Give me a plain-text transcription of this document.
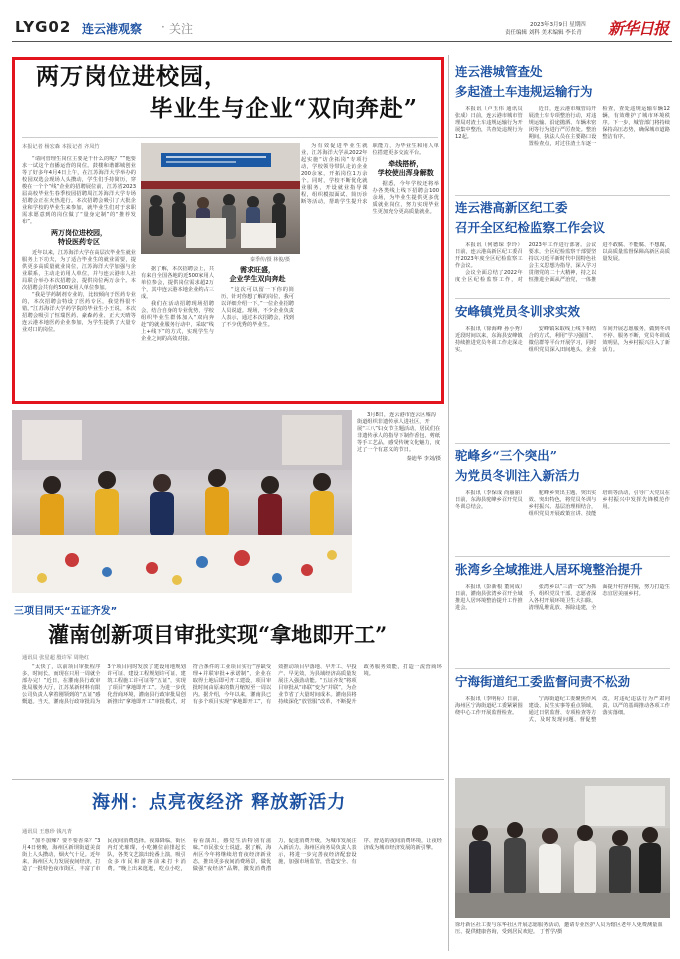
LYG02 连云港观察 · 关注	2023年3月9日 星期四
责任编辑 刘科 美术编辑 李长青 新华日报
两万岗位进校园，
毕业生与企业“双向奔赴”
本报记者 杨宏森 本报记者 齐凤竹

“请问管理生岗位主要是干什么的呢？””他要求一试这个直播运营的岗位。鼓楼和谐都城创业等了好多年4月4日上午，在江苏海洋大学举办的校园双选会现场人头攒动，学生们手持简历，穿梭在一个个“线”企业的招聘展位前，江苏省2023届高校毕业生春季校园招聘周江苏海洋大学专场招聘会正在火热进行。本次招聘会吸引了大批企业和学校的毕业生来参加，就毕业生们对于求职需求愿意到的岗位做了“量身定制”的“推荐发布”。

两万岗位进校园，
特设医药专区

近年以来，江苏海洋大学在高层次毕业生就业服务上下功夫，为了适合毕业生的就业需要，提供更多高质量就业岗位，江苏海洋大学加强与企业联系，主动走访用人单位，并与连云港市人社局联合举办本次招聘会，提供岗位两万余个。本次招聘会共有约500家用人单位参加。

“我是学药制剂专业的，比较倾向于医药专业的，本次招聘会特设了医药专区，我觉得很不错。”江苏海洋大学药学院的毕业生小王说，本次招聘会吸引了恒瑞医药、豪森药业、正大天晴等连云港本地医药企业参加，为学生提供了大量专业对口的岗位。

秦季传/摄 林俊/摄

据了解，本次招聘会上，共有来自全国各地的近500家用人单位参会，提供岗位需求超2万个，其中连云港本地企业约占三成。

我们在活动招聘现场招聘会，结合自身的专业优势，学校组织毕业生群体加入“双向奔赴”的就业服务行动中，采取“线上+线下”的方式，实现学生与企业之间的高效对接。

需求旺盛，
企业学生双向奔赴

“这次可以留一下你的简历，针对你想了解的岗位，我可以详细介绍一下。”一位企业招聘人员说道。现场，不少企业负责人表示，通过本次招聘会，找到了不少优秀的毕业生。

为有效促进毕业生就业，江苏海洋大学从2022年起实施“访企拓岗”专项行动，学校领导带队走访企业200余家，开拓岗位1万余个。同时，学校不断优化就业服务，开设就业指导课程，组织模拟面试、简历诊断等活动，帮助学生提升求职能力，为毕业生和用人单位搭建更多交流平台。

牵线搭桥，
学校使出浑身解数

据悉，今年学校还将举办各类线上线下招聘会100余场，为毕业生提供更多优质就业岗位，努力实现毕业生更加充分更高质量就业。

3月8日，连云港市连云区墟沟街道组织非遗传承人进社区，开展“三八”妇女节主题活动，居民们在非遗传承人的指导下制作香包、剪纸等手工艺品，感受传统文化魅力，度过了一个有意义的节日。
秦迪华 李刘/摄
三项目同天“五证齐发”
灌南创新项目审批实现“拿地即开工”
通讯员 张星超 殷许军 周艳红

“太快了，以前项目审批程序多，时间长，而现在只用一周就全部办完！”近日，在灌南县行政审批局服务大厅，江苏某新材料有限公司负责人拿着刚领到的“五证”感慨道。当天，灌南县行政审批局为3个项目同时发放了建设用地规划许可证、建设工程规划许可证、建筑工程施工许可证等“五证”，实现了项目“拿地即开工”。为进一步优化营商环境，灌南县行政审批局创新推出“拿地即开工”审批模式，对符合条件的工业项目实行“容缺受理+并联审批+承诺制”，企业在取得土地后即可开工建设，项目审批时间由原来的数月缩短至一周以内。据介绍，今年以来，灌南县已有多个项目实现“拿地即开工”，有效推动项目早落地、早开工、早投产、早见效，为县域经济高质量发展注入强劲动能。“五证齐发”将项目审批从“串联”变为“并联”，为企业节省了大量时间成本。灌南县将持续深化“放管服”改革，不断提升政务服务效能，打造一流营商环境。

海州：点亮夜经济 释放新活力
通讯员 王惠珍 钱凡青

“加不加辣？要不要香菜？”3月4日傍晚，海州区新坝街道美食街上人头攒动，烟火气十足。近年来，海州区大力发展夜间经济，打造了一批特色夜市街区，丰富了市民夜间消费选择。夜幕降临，街区内灯光璀璨，小吃摊位前排起长队，各类文艺演出轮番上演，吸引众多市民和游客前来打卡消费。“晚上出来逛逛，吃点小吃，看看演出，感觉生活特别有滋味。”市民张女士说道。据了解，海州区今年将继续培育夜经济新业态，推出更多夜间消费场景，做优做强“夜经济”品牌，激发消费潜力，促进消费升级，为城市发展注入新活力。海州区商务局负责人表示，将进一步完善夜经济配套设施，加强市场监管，营造安全、有序、舒适的夜间消费环境，让夜经济成为城市经济发展的新引擎。

连云港城管查处
多起渣土车违规运输行为

本报讯（卢玉伟 通讯员 张成）日前，连云港市城市管理局对渣土车违规运输行为开展集中整治，共查处违规行为12起。

近日，连云港市城管局开展渣土车专项整治行动，对违规运输、沿途抛洒、车辆未密闭等行为进行严厉查处。整治期间，执法人员在主要路口设置检查点，对过往渣土车逐一检查，查处违规运输车辆12辆，有效维护了城市环境秩序。下一步，城管部门将持续保持高压态势，确保城市道路整洁有序。

连云港高新区纪工委
召开全区纪检监察工作会议

本报讯（何德琛 李玲）日前，连云港高新区纪工委召开2023年度全区纪检监察工作会议。

会议全面总结了2022年度全区纪检监察工作，对2023年工作进行部署。会议要求，全区纪检监察干部要坚持以习近平新时代中国特色社会主义思想为指导，深入学习贯彻党的二十大精神，持之以恒推进全面从严治党，一体推进不敢腐、不能腐、不想腐，以高质量监督保障高新区高质量发展。

安峰镇党员冬训求实效

本报讯（徐海峰 孙小秀）近段时间以来，东海县安峰镇持续推进党员冬训工作走深走实。

安峰镇采取线上线下相结合的方式，利用“学习强国”、微信群等平台开展学习，同时组织党员深入田间地头、企业车间开展志愿服务，做到冬训不停、服务不断，党员冬训成效明显，为乡村振兴注入了新活力。

驼峰乡“三个突出”
为党员冬训注入新活力

本报讯（李保成 尚丽丽）日前，东海县驼峰乡召开党员冬训总结会。

驼峰乡突出主题、突出实效、突出特色，将党员冬训与乡村振兴、基层治理相结合，组织党员开展政策宣讲、技能培训等活动，引导广大党员在乡村振兴中发挥先锋模范作用。

张湾乡全域推进人居环境整治提升

本报讯（彭新根 董同成）日前，灌南县张湾乡召开全域推进人居环境整治提升工作推进会。

张湾乡以“三清一改”为抓手，组织党员干部、志愿者深入各村开展环境卫生大扫除，清理乱堆乱放、拆除违建，全面提升村容村貌，努力打造生态宜居美丽乡村。

宁海街道纪工委监督问责不松劲

本报讯（李明标）日前，海州区宁海街道纪工委紧紧围绕中心工作开展监督检查。

宁海街道纪工委聚焦作风建设、民生实事等重点领域，通过日常监督、专项检查等方式，及时发现问题、督促整改，对违纪违法行为严肃问责，以严的基调推动各项工作落实落细。

徐圩新区社工委与东华社区开展志愿服务活动，邀请专业医护人员为辖区老年人免费测量血压、提供健康咨询，受到居民欢迎。 丁哲学/摄
